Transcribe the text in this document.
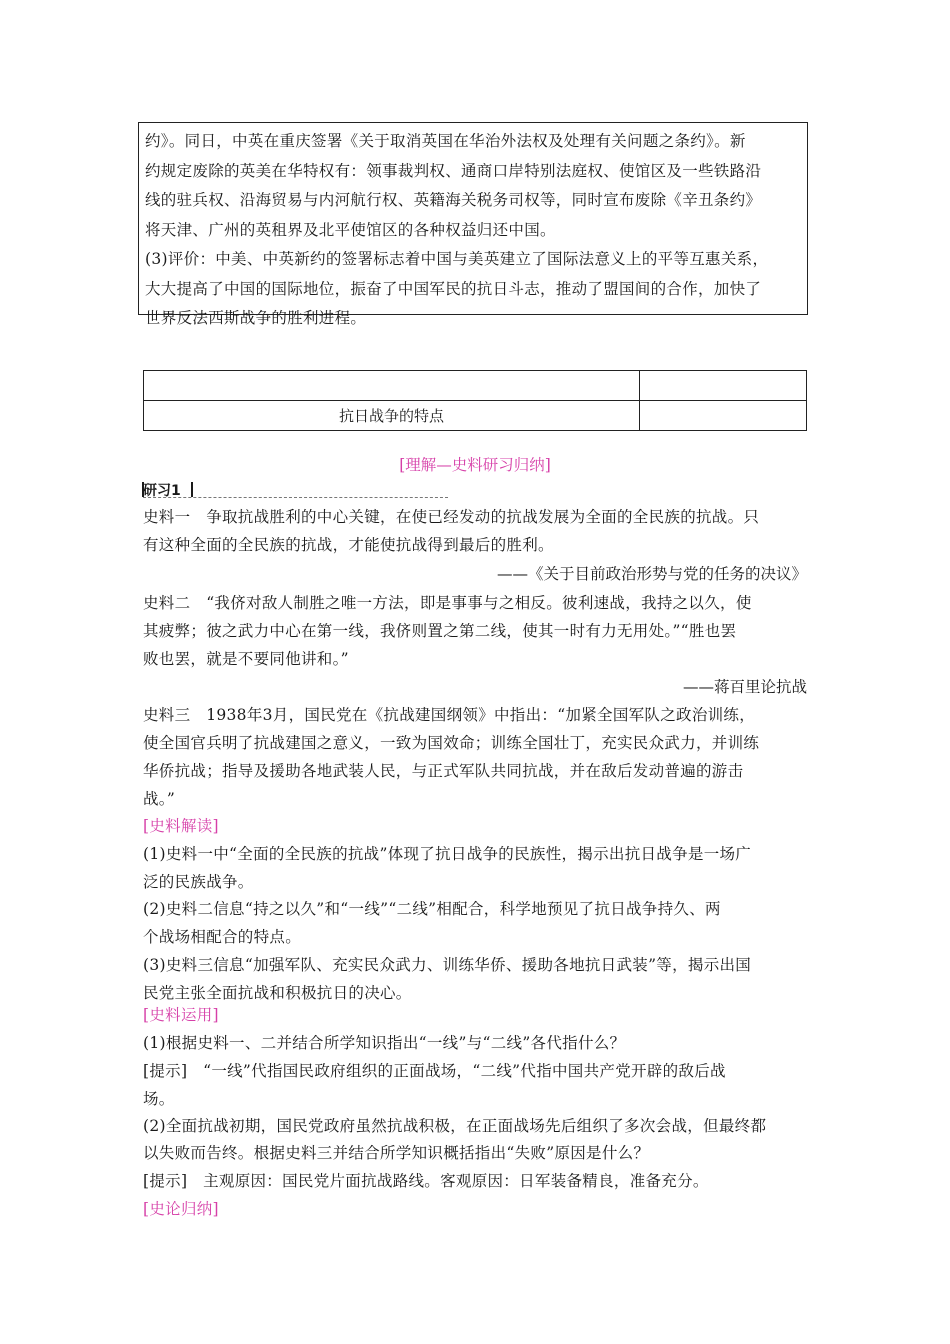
约》。同日，中英在重庆签署《关于取消英国在华治外法权及处理有关问题之条约》。新

约规定废除的英美在华特权有：领事裁判权、通商口岸特别法庭权、使馆区及一些铁路沿

线的驻兵权、沿海贸易与内河航行权、英籍海关税务司权等，同时宣布废除《辛丑条约》

将天津、广州的英租界及北平使馆区的各种权益归还中国。

(3)评价：中美、中英新约的签署标志着中国与美英建立了国际法意义上的平等互惠关系，

大大提高了中国的国际地位，振奋了中国军民的抗日斗志，推动了盟国间的合作，加快了

世界反法西斯战争的胜利进程。

抗日战争的特点	
[理解—史料研习归纳]
研习1
史料一　争取抗战胜利的中心关键，在使已经发动的抗战发展为全面的全民族的抗战。只
有这种全面的全民族的抗战，才能使抗战得到最后的胜利。
——《关于目前政治形势与党的任务的决议》
史料二　“我侪对敌人制胜之唯一方法，即是事事与之相反。彼利速战，我持之以久，使
其疲弊；彼之武力中心在第一线，我侪则置之第二线，使其一时有力无用处。”“胜也罢
败也罢，就是不要同他讲和。”
——蒋百里论抗战
史料三　1938年3月，国民党在《抗战建国纲领》中指出：“加紧全国军队之政治训练，
使全国官兵明了抗战建国之意义，一致为国效命；训练全国壮丁，充实民众武力，并训练
华侨抗战；指导及援助各地武装人民，与正式军队共同抗战，并在敌后发动普遍的游击
战。”
[史料解读]
(1)史料一中“全面的全民族的抗战”体现了抗日战争的民族性，揭示出抗日战争是一场广
泛的民族战争。
(2)史料二信息“持之以久”和“一线”“二线”相配合，科学地预见了抗日战争持久、两
个战场相配合的特点。
(3)史料三信息“加强军队、充实民众武力、训练华侨、援助各地抗日武装”等，揭示出国
民党主张全面抗战和积极抗日的决心。
[史料运用]
(1)根据史料一、二并结合所学知识指出“一线”与“二线”各代指什么？
[提示]　“一线”代指国民政府组织的正面战场，“二线”代指中国共产党开辟的敌后战
场。
(2)全面抗战初期，国民党政府虽然抗战积极，在正面战场先后组织了多次会战，但最终都
以失败而告终。根据史料三并结合所学知识概括指出“失败”原因是什么？
[提示]　主观原因：国民党片面抗战路线。客观原因：日军装备精良，准备充分。
[史论归纳]
